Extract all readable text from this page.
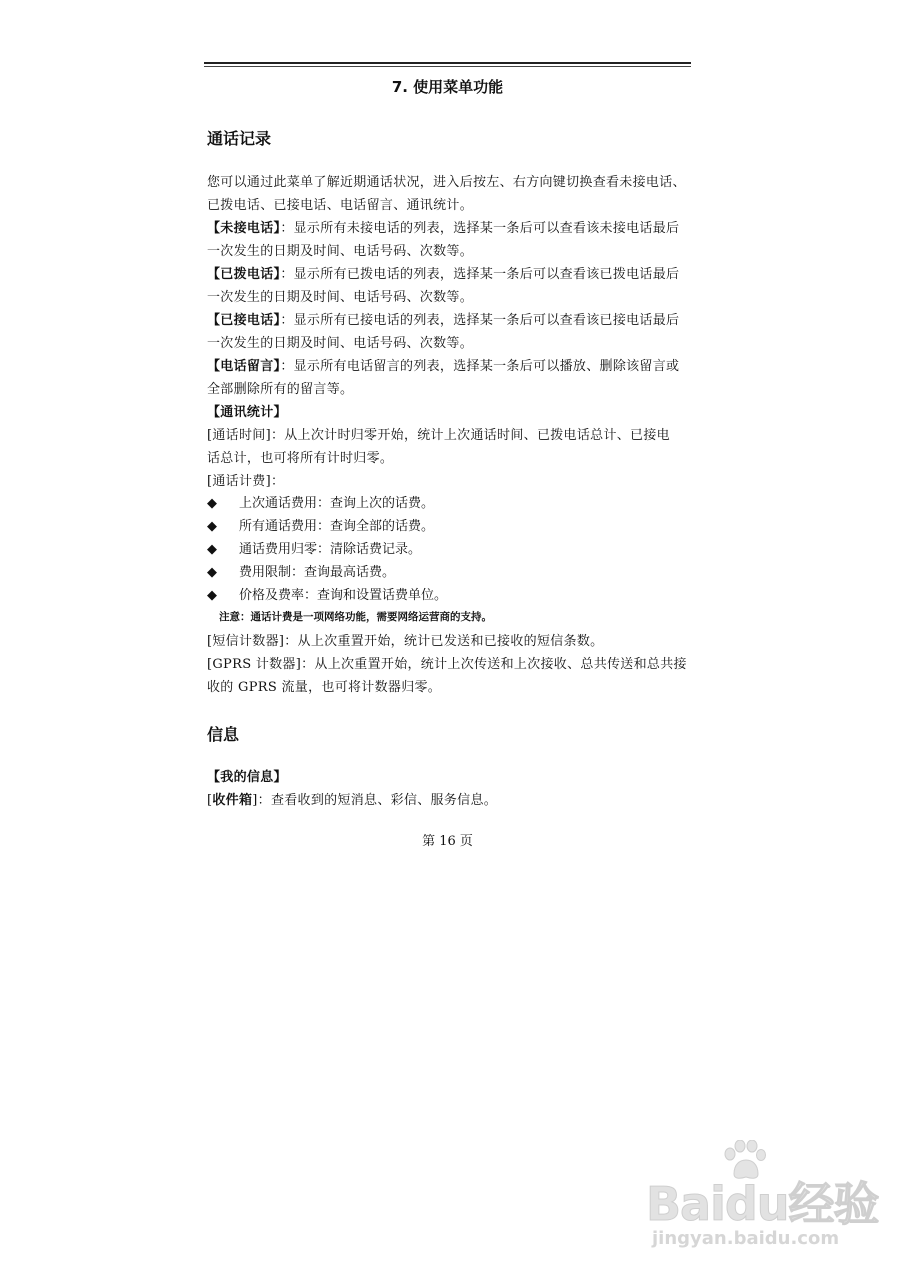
7. 使用菜单功能
通话记录
您可以通过此菜单了解近期通话状况，进入后按左、右方向键切换查看未接电话、
已拨电话、已接电话、电话留言、通讯统计。
【未接电话】：显示所有未接电话的列表，选择某一条后可以查看该未接电话最后
一次发生的日期及时间、电话号码、次数等。
【已拨电话】：显示所有已拨电话的列表，选择某一条后可以查看该已拨电话最后
一次发生的日期及时间、电话号码、次数等。
【已接电话】：显示所有已接电话的列表，选择某一条后可以查看该已接电话最后
一次发生的日期及时间、电话号码、次数等。
【电话留言】：显示所有电话留言的列表，选择某一条后可以播放、删除该留言或
全部删除所有的留言等。
【通讯统计】
[通话时间]：从上次计时归零开始，统计上次通话时间、已拨电话总计、已接电
话总计，也可将所有计时归零。
[通话计费]：
◆ 上次通话费用：查询上次的话费。
◆ 所有通话费用：查询全部的话费。
◆ 通话费用归零：清除话费记录。
◆ 费用限制：查询最高话费。
◆ 价格及费率：查询和设置话费单位。
注意：通话计费是一项网络功能，需要网络运营商的支持。
[短信计数器]：从上次重置开始，统计已发送和已接收的短信条数。
[GPRS 计数器]：从上次重置开始，统计上次传送和上次接收、总共传送和总共接
收的 GPRS 流量，也可将计数器归零。
信息
【我的信息】
[收件箱]：查看收到的短消息、彩信、服务信息。
第 16 页
Baidu经验
jingyan.baidu.com
